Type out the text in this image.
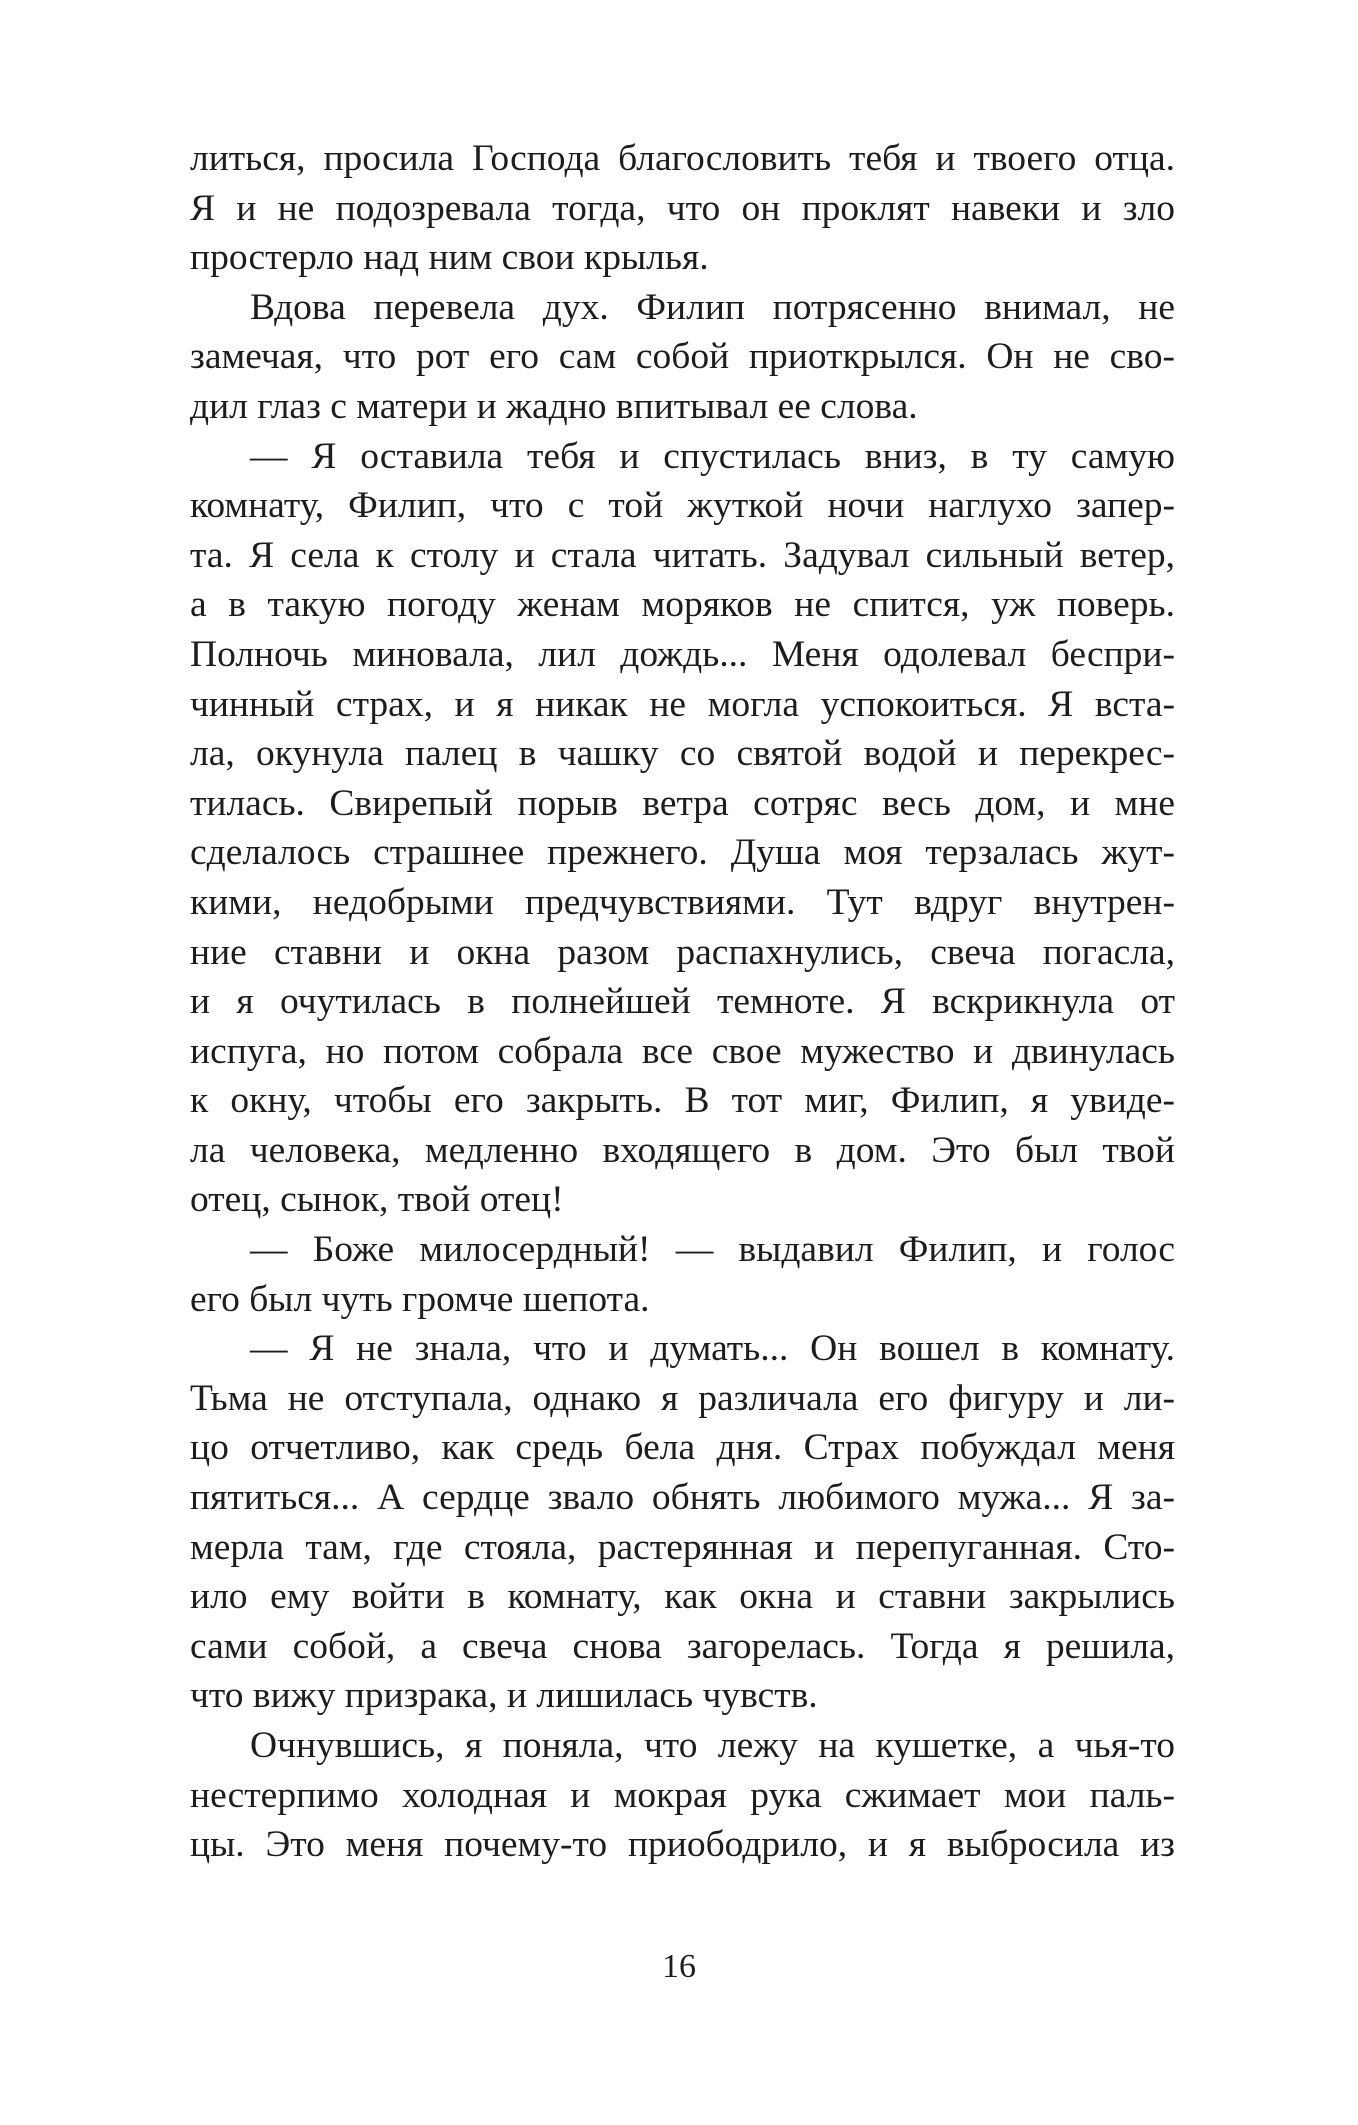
литься, просила Господа благословить тебя и твоего отца.
Я и не подозревала тогда, что он проклят навеки и зло
простерло над ним свои крылья.
Вдова перевела дух. Филип потрясенно внимал, не
замечая, что рот его сам собой приоткрылся. Он не сво-
дил глаз с матери и жадно впитывал ее слова.
— Я оставила тебя и спустилась вниз, в ту самую
комнату, Филип, что с той жуткой ночи наглухо запер-
та. Я села к столу и стала читать. Задувал сильный ветер,
а в такую погоду женам моряков не спится, уж поверь.
Полночь миновала, лил дождь... Меня одолевал беспри-
чинный страх, и я никак не могла успокоиться. Я вста-
ла, окунула палец в чашку со святой водой и перекрес-
тилась. Свирепый порыв ветра сотряс весь дом, и мне
сделалось страшнее прежнего. Душа моя терзалась жут-
кими, недобрыми предчувствиями. Тут вдруг внутрен-
ние ставни и окна разом распахнулись, свеча погасла,
и я очутилась в полнейшей темноте. Я вскрикнула от
испуга, но потом собрала все свое мужество и двинулась
к окну, чтобы его закрыть. В тот миг, Филип, я увиде-
ла человека, медленно входящего в дом. Это был твой
отец, сынок, твой отец!
— Боже милосердный! — выдавил Филип, и голос
его был чуть громче шепота.
— Я не знала, что и думать... Он вошел в комнату.
Тьма не отступала, однако я различала его фигуру и ли-
цо отчетливо, как средь бела дня. Страх побуждал меня
пятиться... А сердце звало обнять любимого мужа... Я за-
мерла там, где стояла, растерянная и перепуганная. Сто-
ило ему войти в комнату, как окна и ставни закрылись
сами собой, а свеча снова загорелась. Тогда я решила,
что вижу призрака, и лишилась чувств.
Очнувшись, я поняла, что лежу на кушетке, а чья-то
нестерпимо холодная и мокрая рука сжимает мои паль-
цы. Это меня почему-то приободрило, и я выбросила из
16
